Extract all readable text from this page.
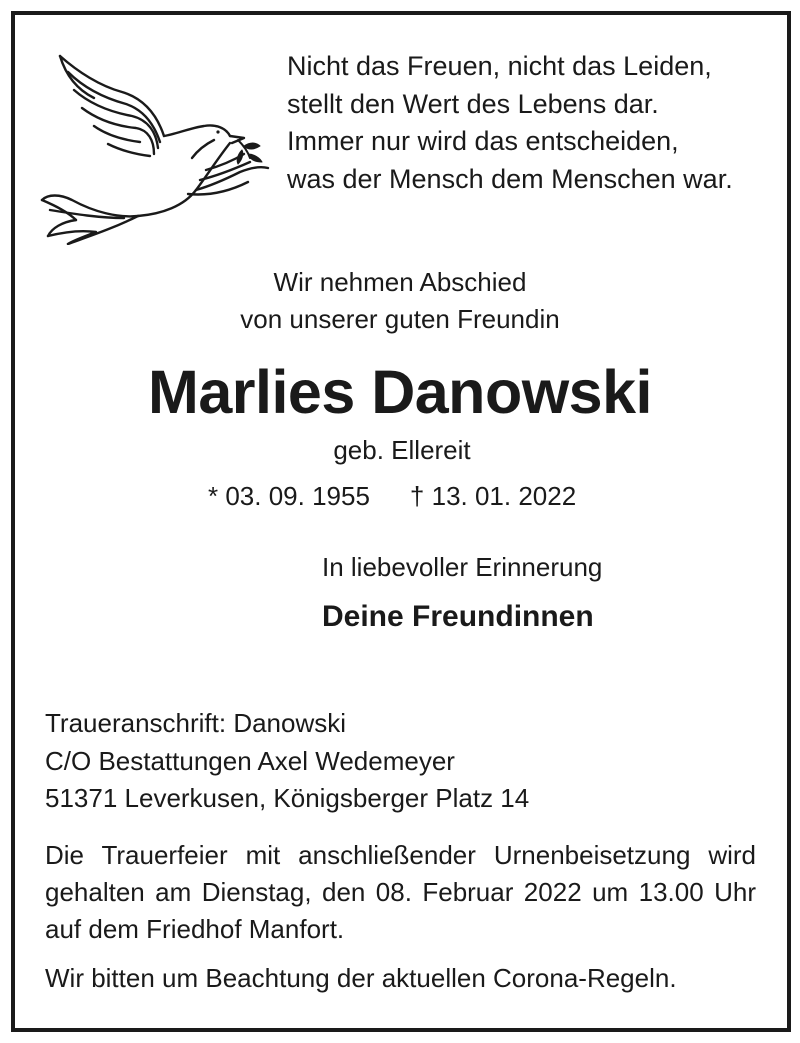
Nicht das Freuen, nicht das Leiden,
stellt den Wert des Lebens dar.
Immer nur wird das entscheiden,
was der Mensch dem Menschen war.
Wir nehmen Abschied
von unserer guten Freundin
Marlies Danowski
geb. Ellereit
* 03. 09. 1955 † 13. 01. 2022
In liebevoller Erinnerung
Deine Freundinnen
Traueranschrift: Danowski
C/O Bestattungen Axel Wedemeyer
51371 Leverkusen, Königsberger Platz 14
Die Trauerfeier mit anschließender Urnenbeisetzung wird gehalten am Dienstag, den 08. Februar 2022 um 13.00 Uhr auf dem Friedhof Manfort.
Wir bitten um Beachtung der aktuellen Corona-Regeln.
